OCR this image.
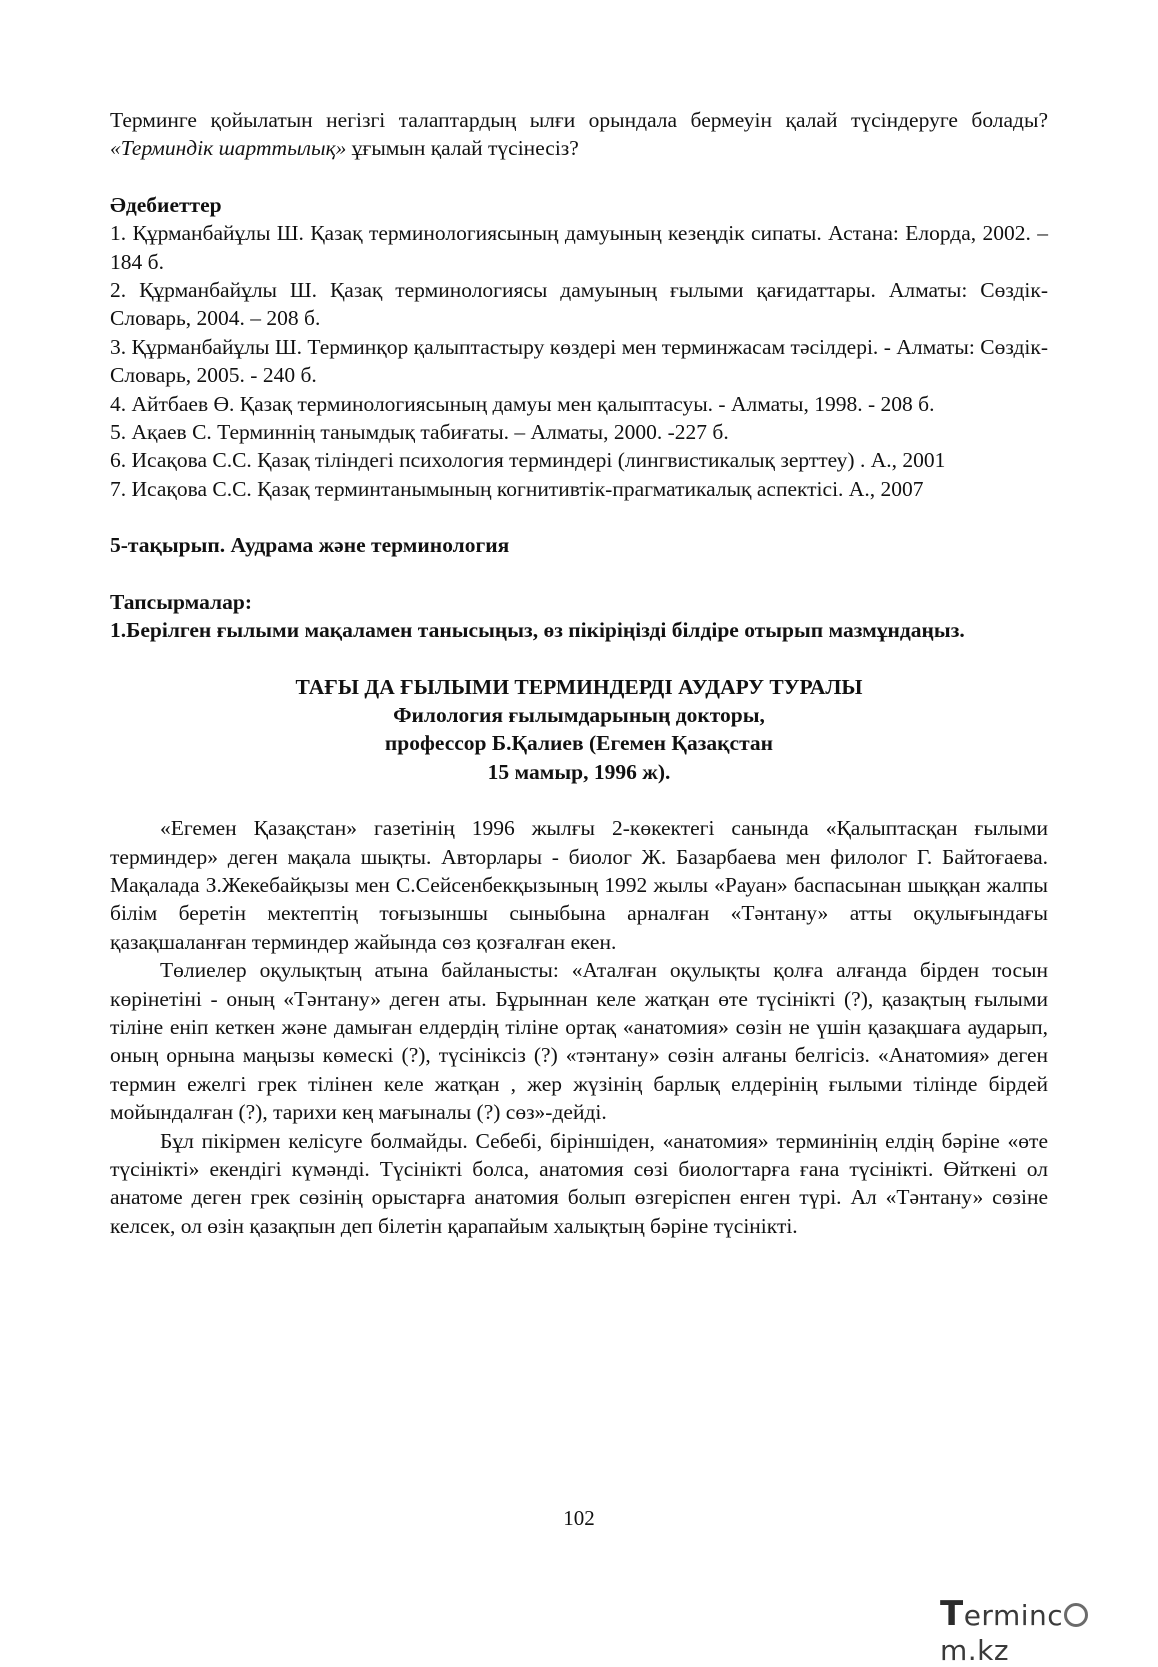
Терминге қойылатын негізгі талаптардың ылғи орындала бермеуін қалай түсіндеруге болады? «Терминдік шарттылық» ұғымын қалай түсінесіз?

Әдебиеттер

1. Құрманбайұлы Ш. Қазақ терминологиясының дамуының кезеңдік сипаты. Астана: Елорда, 2002. – 184 б.

2. Құрманбайұлы Ш. Қазақ терминологиясы дамуының ғылыми қағидаттары. Алматы: Сөздік-Словарь, 2004. – 208 б.

3. Құрманбайұлы Ш. Терминқор қалыптастыру көздері мен терминжасам тәсілдері. - Алматы: Сөздік-Словарь, 2005. - 240 б.

4. Айтбаев Ө. Қазақ терминологиясының дамуы мен қалыптасуы. - Алматы, 1998. - 208 б.

5. Ақаев С. Терминнің танымдық табиғаты. – Алматы, 2000. -227 б.

6. Исақова С.С. Қазақ тіліндегі психология терминдері (лингвистикалық зерттеу) . А., 2001

7. Исақова С.С. Қазақ терминтанымының когнитивтік-прагматикалық аспектісі. А., 2007

5-тақырып. Аудрама және терминология

Тапсырмалар:

1.Берілген ғылыми мақаламен танысыңыз, өз пікіріңізді білдіре отырып мазмұндаңыз.

ТАҒЫ ДА ҒЫЛЫМИ ТЕРМИНДЕРДІ АУДАРУ ТУРАЛЫ

Филология ғылымдарының докторы,

профессор Б.Қалиев (Егемен Қазақстан

15 мамыр, 1996 ж).

«Егемен Қазақстан» газетінің 1996 жылғы 2-көкектегі санында «Қалыптасқан ғылыми терминдер» деген мақала шықты. Авторлары - биолог Ж. Базарбаева мен филолог Г. Байтоғаева. Мақалада З.Жекебайқызы мен С.Сейсенбекқызының 1992 жылы «Рауан» баспасынан шыққан жалпы білім беретін мектептің тоғызыншы сыныбына арналған «Тәнтану» атты оқулығындағы қазақшаланған терминдер жайында сөз қозғалған екен.

Төлиелер оқулықтың атына байланысты: «Аталған оқулықты қолға алғанда бірден тосын көрінетіні - оның «Тәнтану» деген аты. Бұрыннан келе жатқан өте түсінікті (?), қазақтың ғылыми тіліне еніп кеткен және дамыған елдердің тіліне ортақ «анатомия» сөзін не үшін қазақшаға аударып, оның орнына маңызы көмескі (?), түсініксіз (?) «тәнтану» сөзін алғаны белгісіз. «Анатомия» деген термин ежелгі грек тілінен келе жатқан , жер жүзінің барлық елдерінің ғылыми тілінде бірдей мойындалған (?), тарихи кең мағыналы (?) сөз»-дейді.

Бұл пікірмен келісуге болмайды. Себебі, біріншіден, «анатомия» терминінің елдің бәріне «өте түсінікті» екендігі күмәнді. Түсінікті болса, анатомия сөзі биологтарға ғана түсінікті. Өйткені ол анатоме деген грек сөзінің орыстарға анатомия болып өзгеріспен енген түрі. Ал «Тәнтану» сөзіне келсек, ол өзін қазақпын деп білетін қарапайым халықтың бәріне түсінікті.

102
Termincm.kz
